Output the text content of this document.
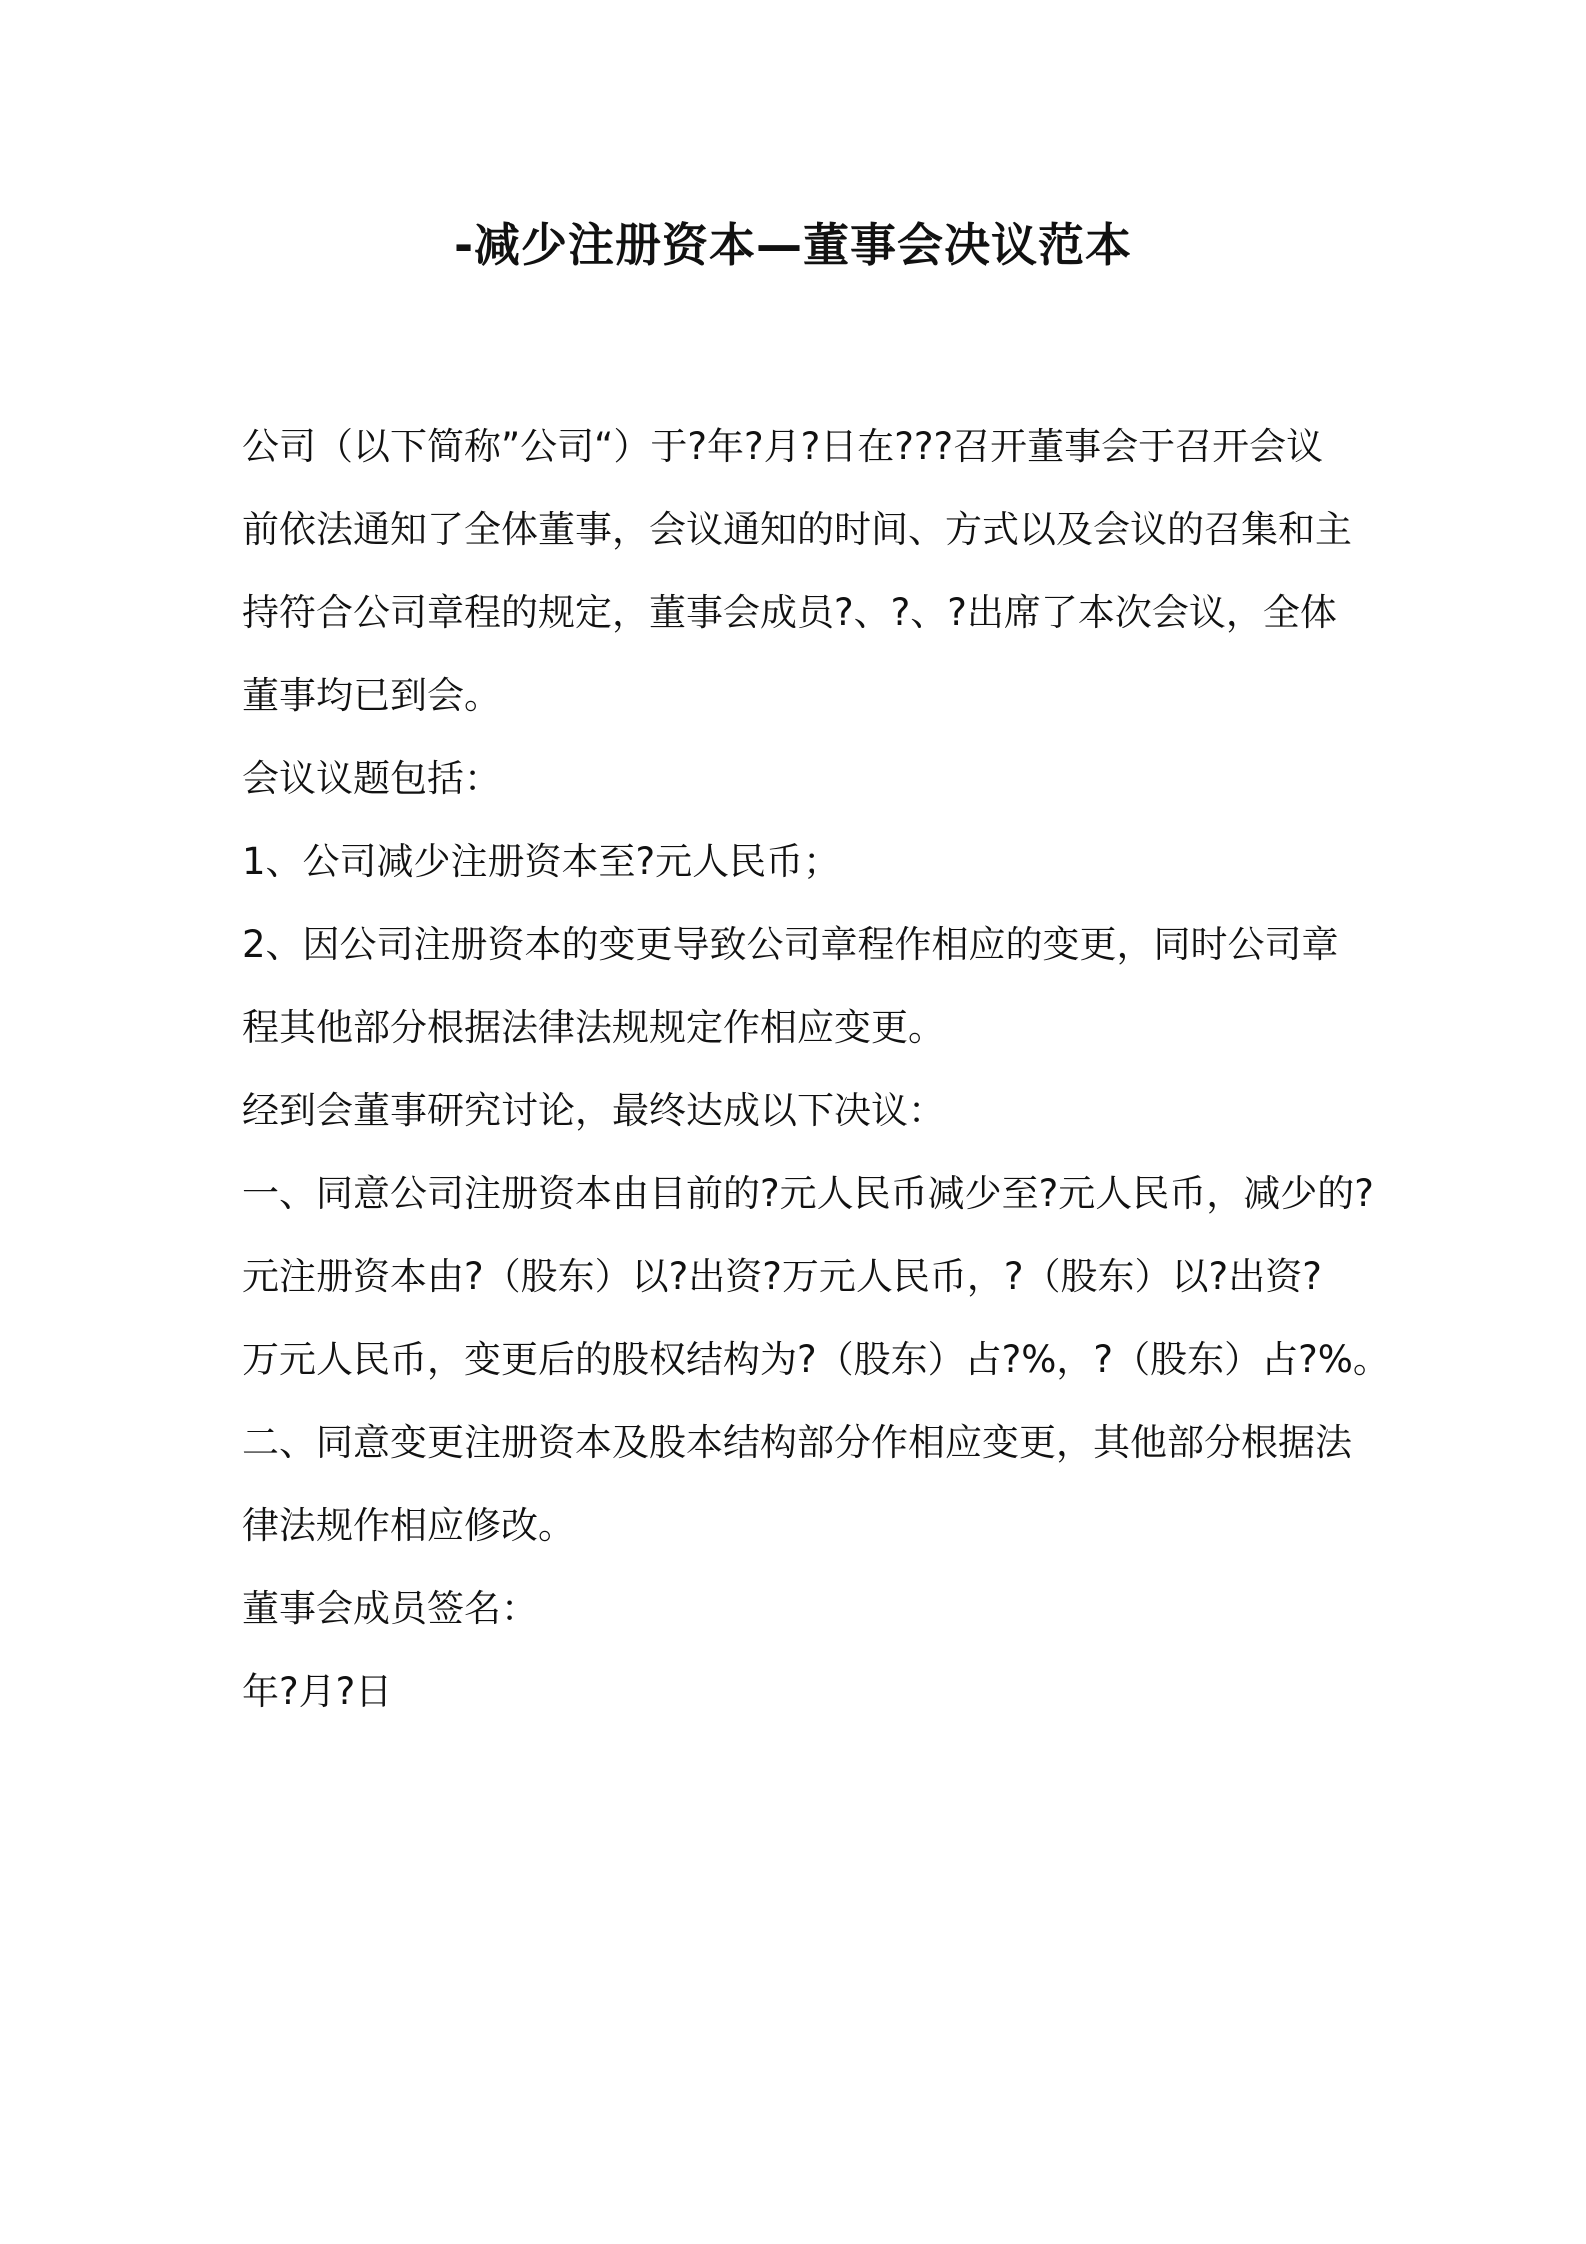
-减少注册资本—董事会决议范本
公司（以下简称”公司“）于?年?月?日在???召开董事会于召开会议
前依法通知了全体董事，会议通知的时间、方式以及会议的召集和主
持符合公司章程的规定，董事会成员?、?、?出席了本次会议，全体
董事均已到会。
会议议题包括：
1、公司减少注册资本至?元人民币；
2、因公司注册资本的变更导致公司章程作相应的变更，同时公司章
程其他部分根据法律法规规定作相应变更。
经到会董事研究讨论，最终达成以下决议：
一、同意公司注册资本由目前的?元人民币减少至?元人民币，减少的?
元注册资本由?（股东）以?出资?万元人民币，?（股东）以?出资?
万元人民币，变更后的股权结构为?（股东）占?%，?（股东）占?%。
二、同意变更注册资本及股本结构部分作相应变更，其他部分根据法
律法规作相应修改。
董事会成员签名：
年?月?日
